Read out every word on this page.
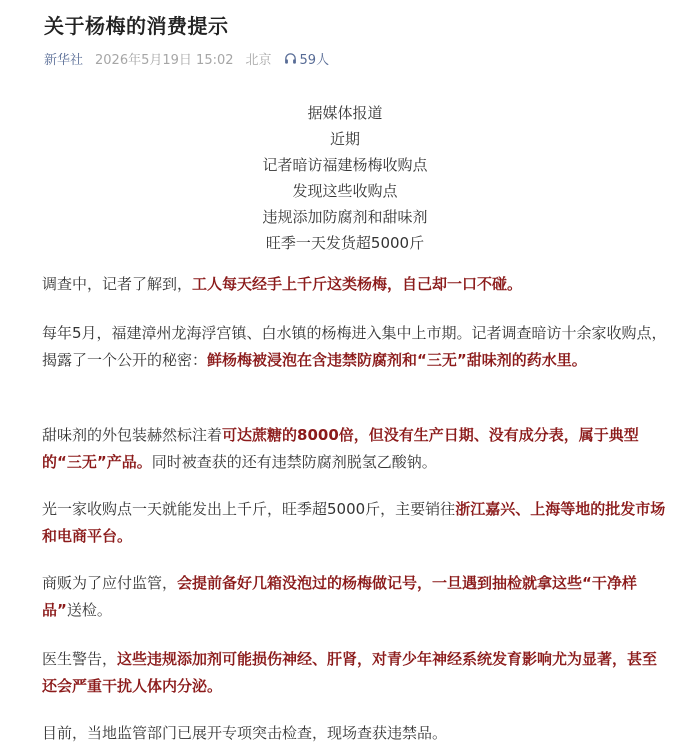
关于杨梅的消费提示
新华社 2026年5月19日 15:02 北京 59人
据媒体报道
近期
记者暗访福建杨梅收购点
发现这些收购点
违规添加防腐剂和甜味剂
旺季一天发货超5000斤
调查中，记者了解到，工人每天经手上千斤这类杨梅，自己却一口不碰。
每年5月，福建漳州龙海浮宫镇、白水镇的杨梅进入集中上市期。记者调查暗访十余家收购点，揭露了一个公开的秘密：鲜杨梅被浸泡在含违禁防腐剂和“三无”甜味剂的药水里。
甜味剂的外包装赫然标注着可达蔗糖的8000倍，但没有生产日期、没有成分表，属于典型的“三无”产品。同时被查获的还有违禁防腐剂脱氢乙酸钠。
光一家收购点一天就能发出上千斤，旺季超5000斤，主要销往浙江嘉兴、上海等地的批发市场和电商平台。
商贩为了应付监管，会提前备好几箱没泡过的杨梅做记号，一旦遇到抽检就拿这些“干净样品”送检。
医生警告，这些违规添加剂可能损伤神经、肝肾，对青少年神经系统发育影响尤为显著，甚至还会严重干扰人体内分泌。
目前，当地监管部门已展开专项突击检查，现场查获违禁品。
